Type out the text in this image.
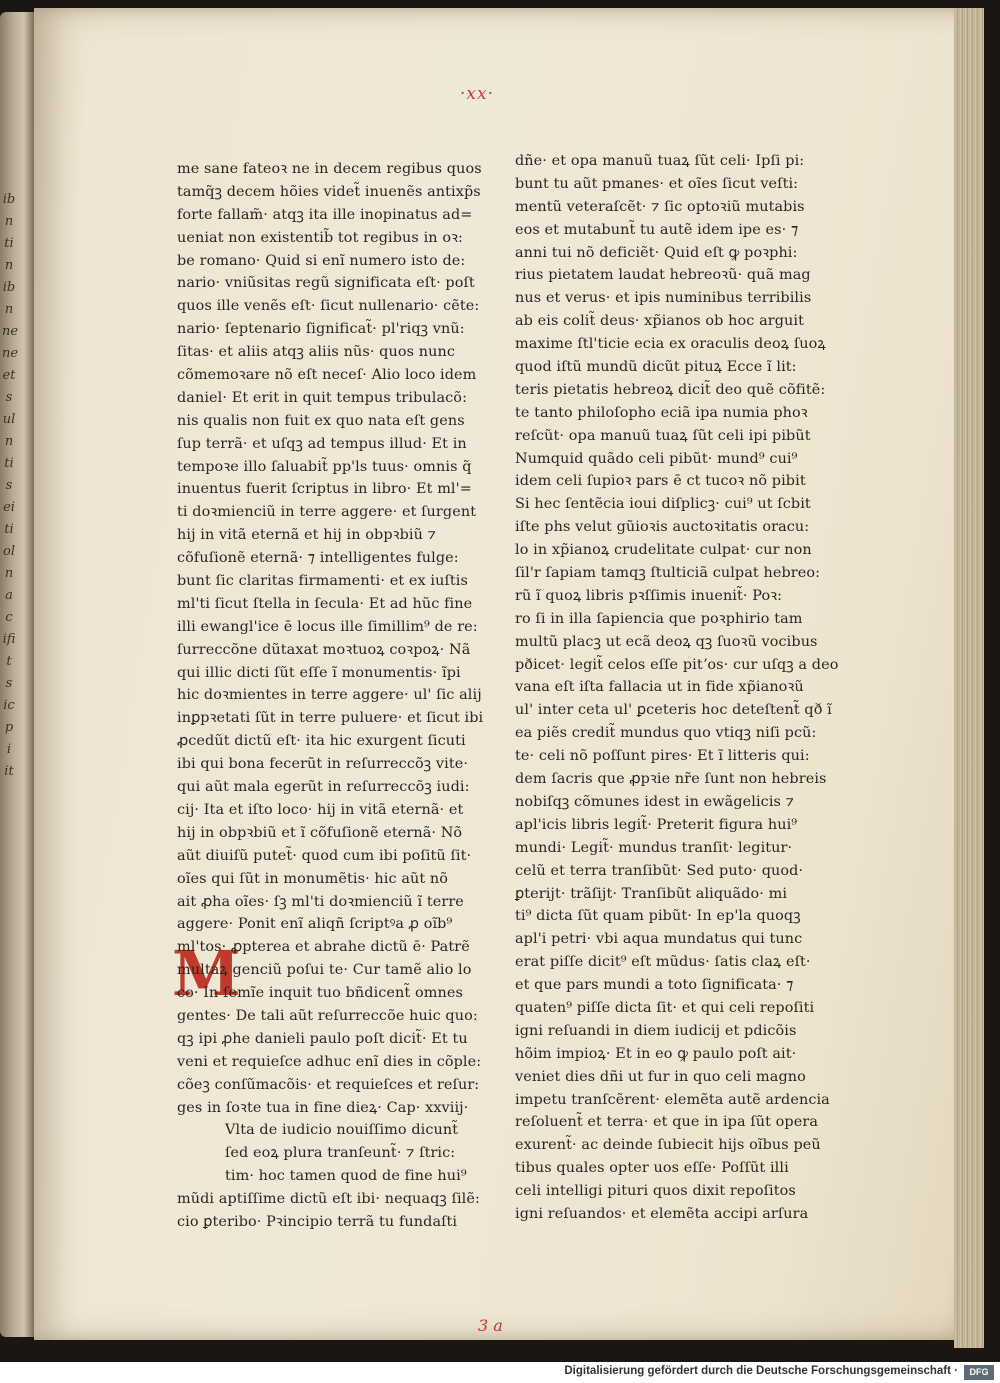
ib
n
ti
n
ib
n
ne
ne
et
s
ul
n
ti
s
ei
ti
ol
n
a
c
ifi
t
s
ic
p
i
it
·xx·
M
me sane fateoꝛ ne in decem regibus quos
tamq̃ꝫ decem hõies videt̃ inuenẽs antixp̃s
forte fallam̃· atqꝫ ita ille inopinatus ad=
ueniat non existentib̃ tot regibus in oꝛ:
be romano· Quid si enĩ numero isto de:
nario· vniũsitas regũ significata eſt· poſt
quos ille venẽs eſt· ſicut nullenario· cẽte:
nario· ſeptenario ſignificat̃· pl'riqꝫ vnũ:
ſitas· et aliis atqꝫ aliis nũs· quos nunc
cõmemoꝛare nõ eſt neceſ· Alio loco idem
daniel· Et erit in quit tempus tribulacõ:
nis qualis non fuit ex quo nata eſt gens
ſup terrã· et uſqꝫ ad tempus illud· Et in
tempoꝛe illo ſaluabit̃ pp'ls tuus· omnis q̃
inuentus fuerit ſcriptus in libro· Et ml'=
ti doꝛmienciũ in terre aggere· et ſurgent
hij in vitã eternã et hij in obpꝛbiũ ⁊
cõfuſionẽ eternã· ⁊ intelligentes fulge:
bunt ſic claritas firmamenti· et ex iuſtis
ml'ti ſicut ſtella in ſecula· Et ad hũc fine
illi ewangl'ice ē locus ille ſimillim⁹ de re:
ſurreccõne dũtaxat moꝛtuoꝝ coꝛpoꝝ· Nã
qui illic dicti ſũt eſſe ĩ monumentis· ĩpi
hic doꝛmientes in terre aggere· ul' ſic alij
inꝑpꝛetati ſũt in terre puluere· et ſicut ibi
ꝓcedũt dictũ eſt· ita hic exurgent ſicuti
ibi qui bona fecerũt in reſurreccõꝫ vite·
qui aũt mala egerũt in reſurreccõꝫ iudi:
cij· Ita et iſto loco· hij in vitã eternã· et
hij in obpꝛbiũ et ĩ cõfuſionẽ eternã· Nõ
aũt diuiſũ putet̃· quod cum ibi poſitũ ſit·
oĩes qui ſũt in monumẽtis· hic aũt nõ
ait ꝓha oĩes· ſꝫ ml'ti doꝛmienciũ ĩ terre
aggere· Ponit enĩ aliqñ ſcriptꝰa ꝓ oĩb⁹
ml'tos· ꝓpterea et abrahe dictũ ē· Patrẽ
multaꝝ genciũ poſui te· Cur tamẽ alio lo
co· In ſemĩe inquit tuo bñdicent̃ omnes
gentes· De tali aũt reſurreccõe huic quo:
qꝫ ipi ꝓhe danieli paulo poſt dicit̃· Et tu
veni et requieſce adhuc enĩ dies in cõple:
cõeꝫ conſũmacõis· et requieſces et reſur:
ges in ſoꝛte tua in fine dieꝝ· Cap· xxviij·
Vlta de iudicio nouiſſimo dicunt̃
ſed eoꝝ plura tranſeunt̃· ⁊ ſtric:
tim· hoc tamen quod de fine hui⁹
mũdi aptiſſime dictũ eſt ibi· nequaqꝫ ſilẽ:
cio ꝑteribo· Pꝛincipio terrã tu fundaſti
dñe· et opa manuũ tuaꝝ ſũt celi· Ipſi pi:
bunt tu aũt pmanes· et oĩes ſicut veſti:
mentũ veteraſcẽt· ⁊ ſic optoꝛiũ mutabis
eos et mutabunt̃ tu autẽ idem ipe es· ⁊
anni tui nõ deficiẽt· Quid eſt ꝙ poꝛphi:
rius pietatem laudat hebreoꝛũ· quã mag
nus et verus· et ipis numinibus terribilis
ab eis colit̃ deus· xp̃ianos ob hoc arguit
maxime ſtl'ticie ecia ex oraculis deoꝝ ſuoꝝ
quod iſtũ mundũ dicũt pituꝝ Ecce ĩ lit:
teris pietatis hebreoꝝ dicit̃ deo quẽ cõfitẽ:
te tanto philoſopho eciã ipa numia phoꝛ
reſcũt· opa manuũ tuaꝝ ſũt celi ipi pibũt
Numquid quãdo celi pibũt· mund⁹ cui⁹
idem celi ſupioꝛ pars ē ct tucoꝛ nõ pibit
Si hec ſentẽcia ioui diſplicꝫ· cui⁹ ut ſcbit
iſte phs velut gũioꝛis auctoꝛitatis oracu:
lo in xp̃ianoꝝ crudelitate culpat· cur non
ſil'r ſapiam tamqꝫ ſtulticiã culpat hebreo:
rũ ĩ quoꝝ libris pꝛſſimis inuenit̃· Poꝛ:
ro ſi in illa ſapiencia que poꝛphirio tam
multũ placꝫ ut ecã deoꝝ qꝫ ſuoꝛũ vocibus
pðicet· legit̃ celos eſſe pitʼos· cur uſqꝫ a deo
vana eſt iſta fallacia ut in fide xp̃ianoꝛũ
ul' inter ceta ul' ꝑceteris hoc deteſtent̃ qð ĩ
ea piẽs credit̃ mundus quo vtiqꝫ niſi pcũ:
te· celi nõ poſſunt pires· Et ĩ litteris qui:
dem ſacris que ꝓpꝛie nr̃e ſunt non hebreis
nobiſqꝫ cõmunes idest in ewãgelicis ⁊
apl'icis libris legit̃· Preterit figura hui⁹
mundi· Legit̃· mundus tranſit· legitur·
celũ et terra tranſibũt· Sed puto· quod·
ꝑterijt· trãſijt· Tranſibũt aliquãdo· mi
ti⁹ dicta ſũt quam pibũt· In ep'la quoqꝫ
apl'i petri· vbi aqua mundatus qui tunc
erat piſſe dicit⁹ eſt mũdus· ſatis claꝝ eſt·
et que pars mundi a toto ſignificata· ⁊
quaten⁹ piſſe dicta ſit· et qui celi repoſiti
igni reſuandi in diem iudicij et pdicõis
hõim impioꝝ· Et in eo ꝙ paulo poſt ait·
veniet dies dñi ut fur in quo celi magno
impetu tranſcẽrent· elemẽta autẽ ardencia
reſoluent̃ et terra· et que in ipa ſũt opera
exurent̃· ac deinde ſubiecit hijs oĩbus peũ
tibus quales opter uos eſſe· Poſſũt illi
celi intelligi pituri quos dixit repoſitos
igni reſuandos· et elemẽta accipi arſura
3 a
Digitalisierung gefördert durch die Deutsche Forschungsgemeinschaft ·	DFG
